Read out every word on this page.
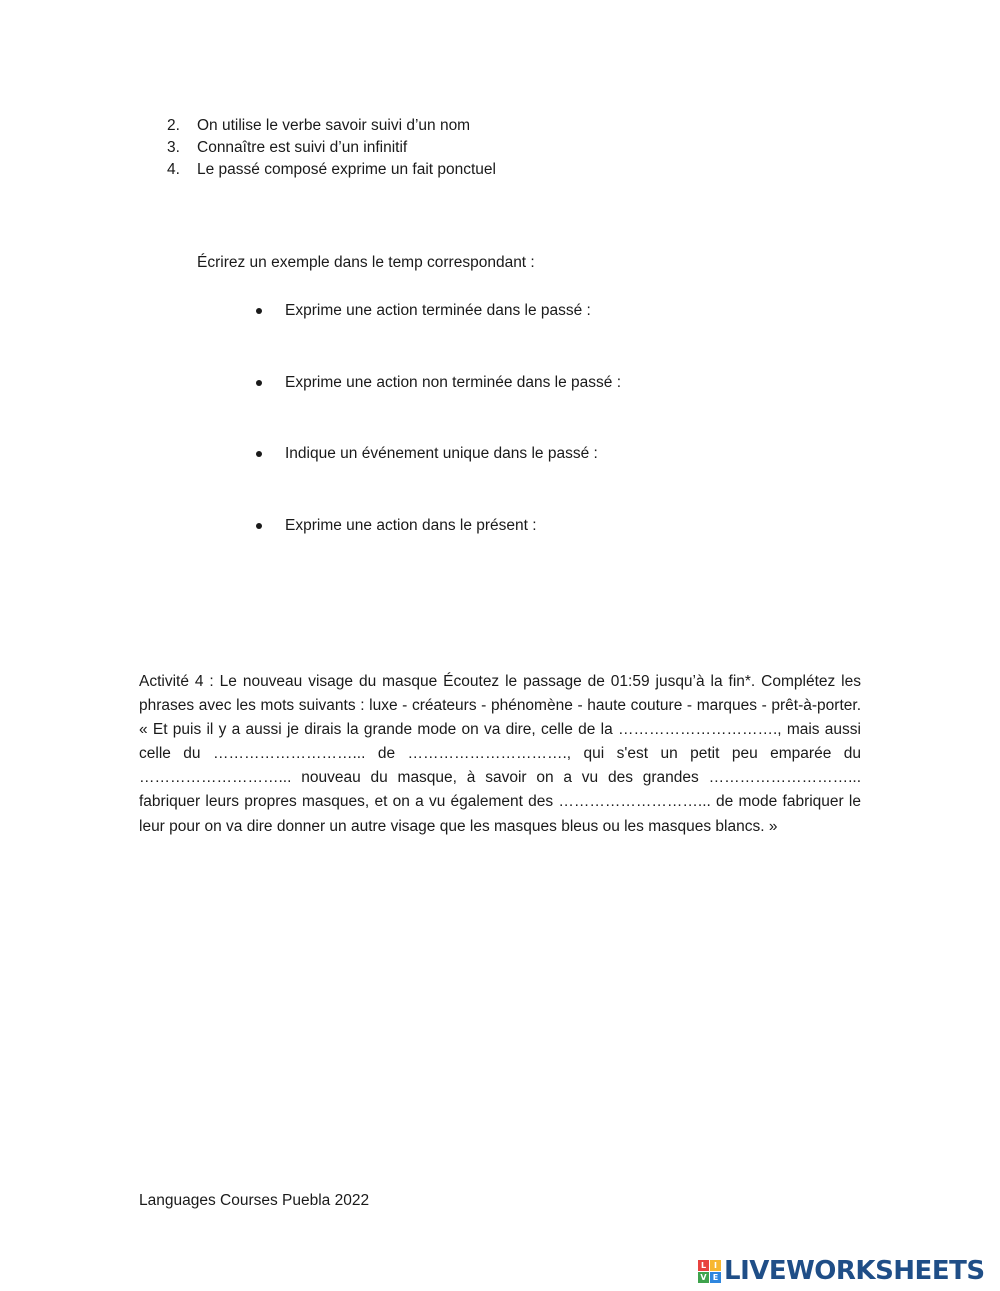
2. On utilise le verbe savoir suivi d’un nom
3. Connaître est suivi d’un infinitif
4. Le passé composé exprime un fait ponctuel
Écrirez un exemple dans le temp correspondant :
Exprime une action terminée dans le passé :
Exprime une action non terminée dans le passé :
Indique un événement unique dans le passé :
Exprime une action dans le présent :
Activité 4 : Le nouveau visage du masque Écoutez le passage de 01:59 jusqu’à la fin*. Complétez les phrases avec les mots suivants : luxe - créateurs - phénomène - haute couture - marques - prêt-à-porter. « Et puis il y a aussi je dirais la grande mode on va dire, celle de la …………………………., mais aussi celle du ………………………... de …………………………., qui s'est un petit peu emparée du ………………………... nouveau du masque, à savoir on a vu des grandes ………………………... fabriquer leurs propres masques, et on a vu également des ………………………... de mode fabriquer le leur pour on va dire donner un autre visage que les masques bleus ou les masques blancs. »
Languages Courses Puebla 2022
L I
V E LIVEWORKSHEETS
